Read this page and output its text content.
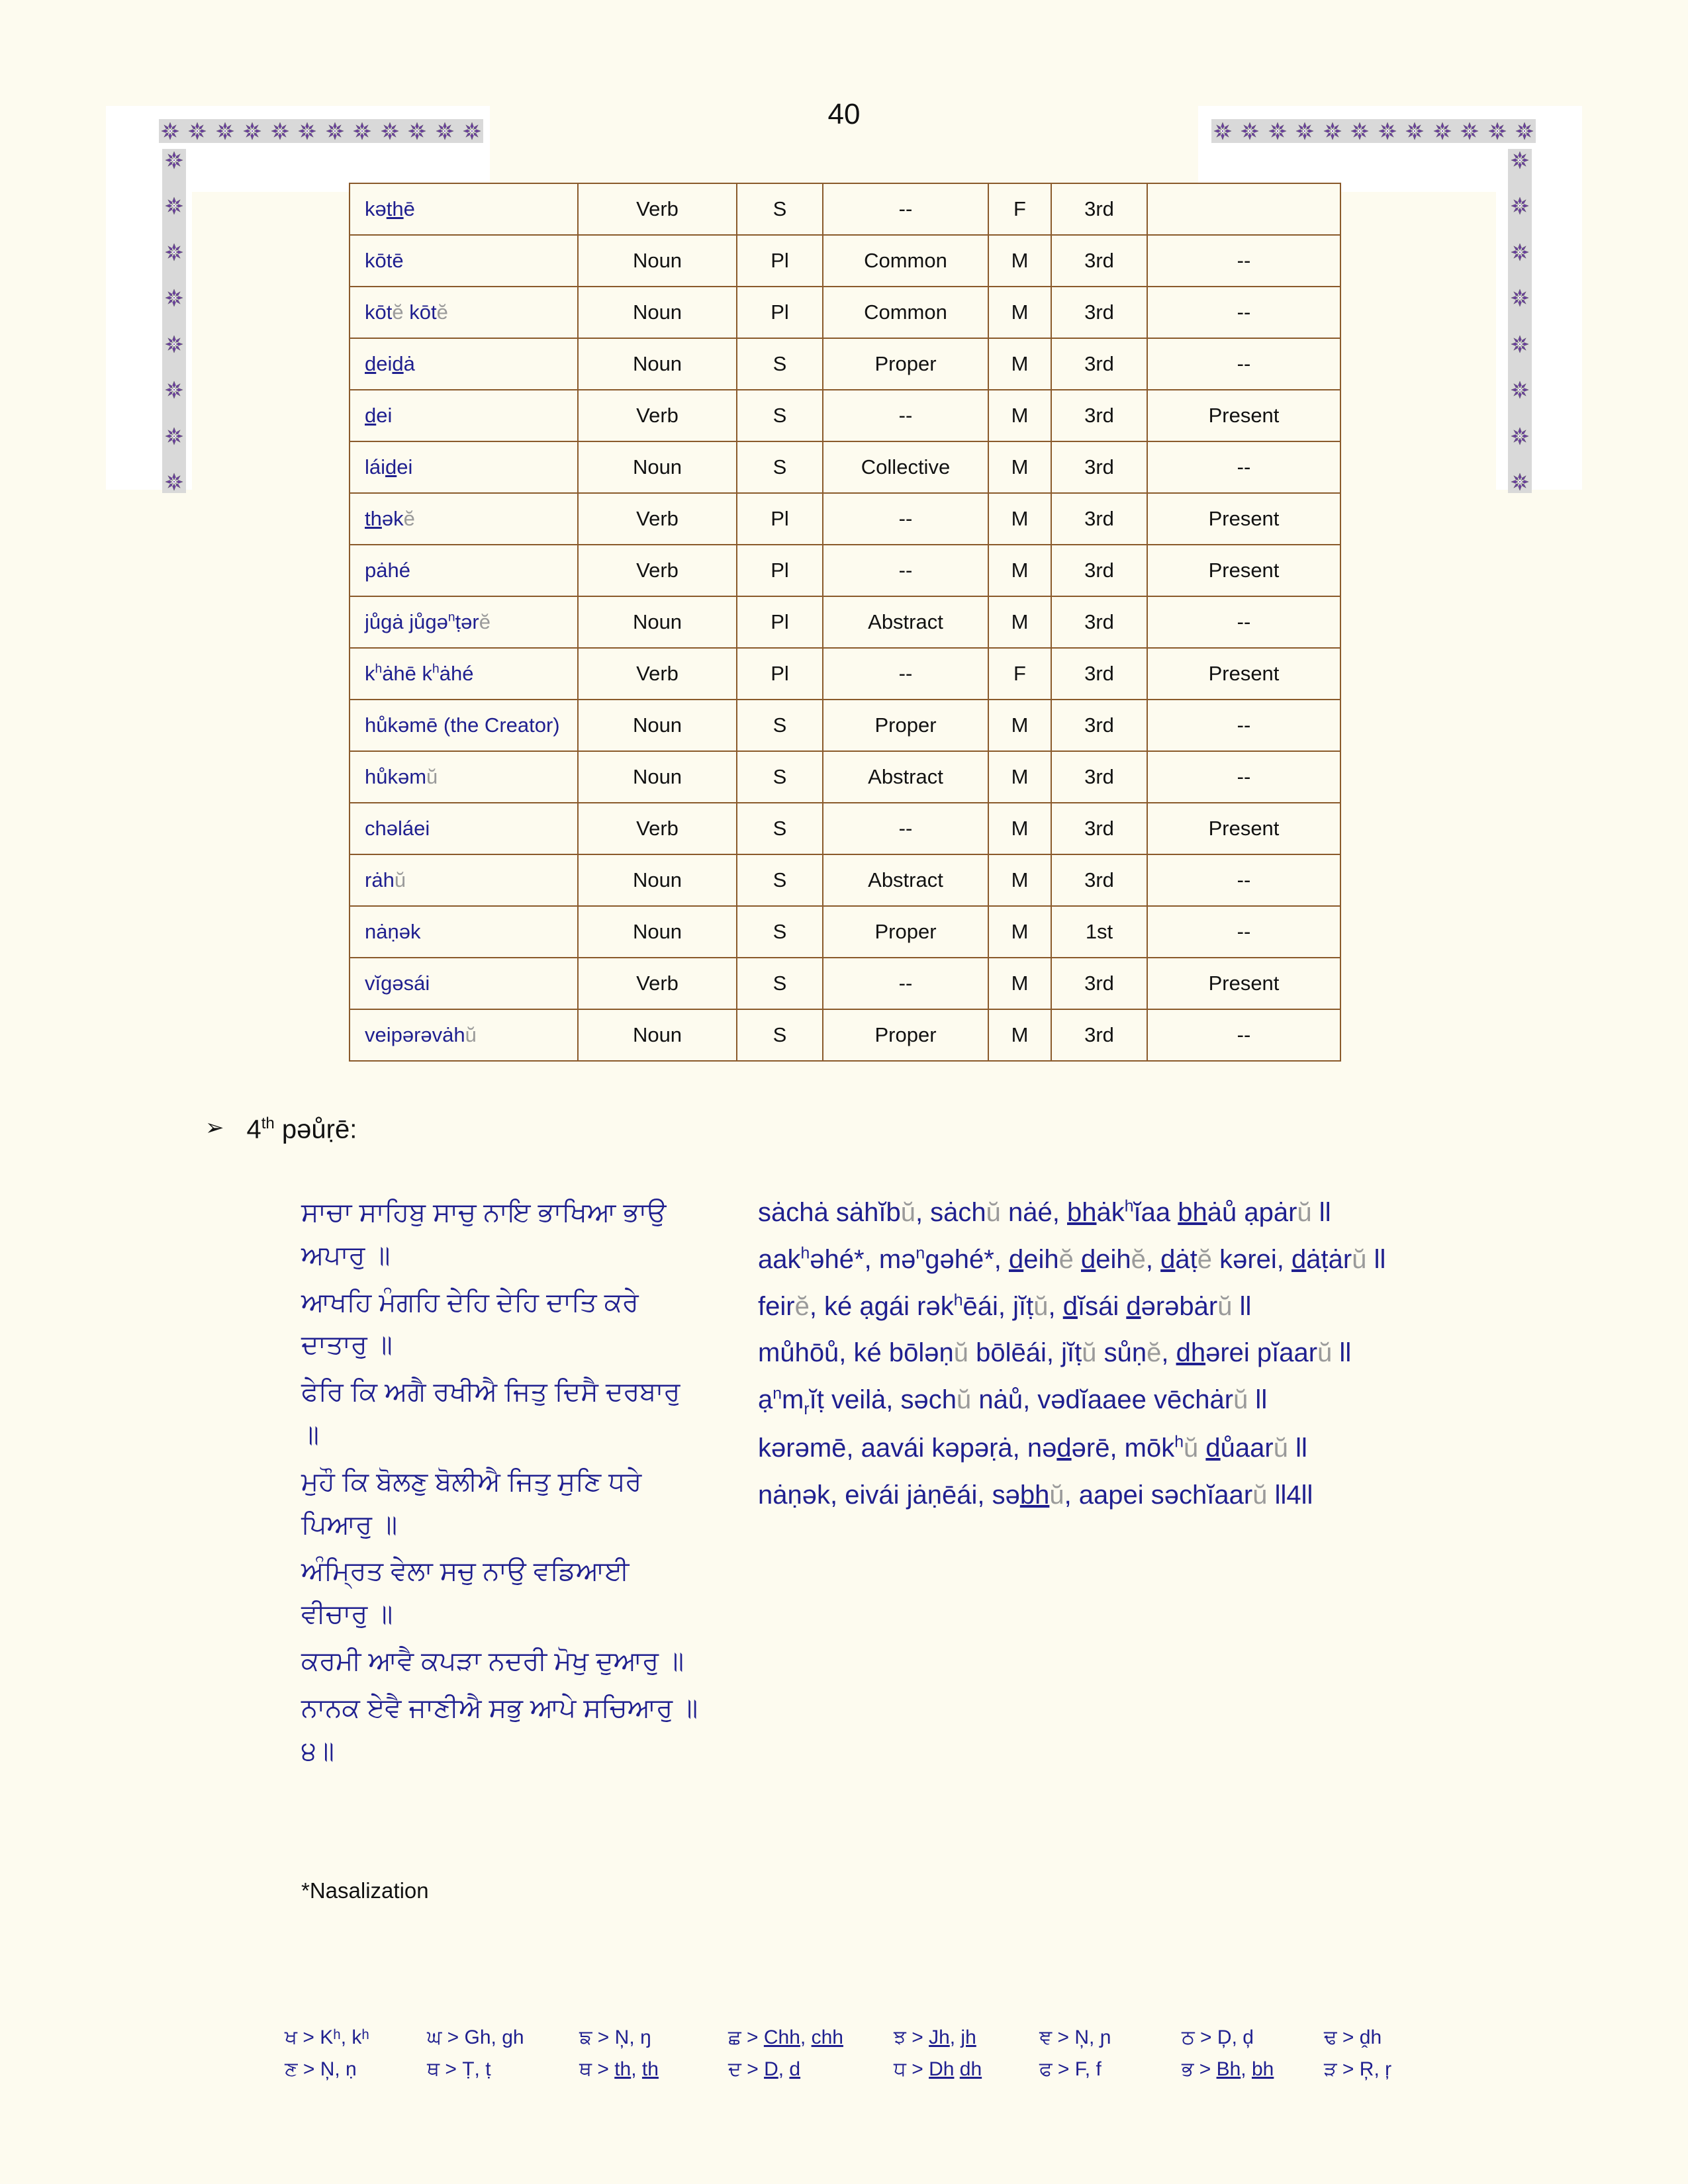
40
kəthē	Verb	S	--	F	3rd	
kōtē	Noun	Pl	Common	M	3rd	--
kōtĕ kōtĕ	Noun	Pl	Common	M	3rd	--
deidȧ	Noun	S	Proper	M	3rd	--
dei	Verb	S	--	M	3rd	Present
láidei	Noun	S	Collective	M	3rd	--
thəkĕ	Verb	Pl	--	M	3rd	Present
pȧhé	Verb	Pl	--	M	3rd	Present
jůgȧ jůgə$^n$ṭərĕ	Noun	Pl	Abstract	M	3rd	--
$k^hȧhē$ $k^hȧhé$	Verb	Pl	--	F	3rd	Present
hůkəmē (the Creator)	Noun	S	Proper	M	3rd	--
hůkəmŭ	Noun	S	Abstract	M	3rd	--
chəláei	Verb	S	--	M	3rd	Present
rȧhŭ	Noun	S	Abstract	M	3rd	--
nȧṇək	Noun	S	Proper	M	1st	--
vĭgəsái	Verb	S	--	M	3rd	Present
veipərəvȧhŭ	Noun	S	Proper	M	3rd	--
➢ 4th pəůṛē:
ਸਾਚਾ ਸਾਹਿਬੁ ਸਾਚੁ ਨਾਇ ਭਾਖਿਆ ਭਾਉ ਅਪਾਰੁ ॥
ਆਖਹਿ ਮੰਗਹਿ ਦੇਹਿ ਦੇਹਿ ਦਾਤਿ ਕਰੇ ਦਾਤਾਰੁ ॥
ਫੇਰਿ ਕਿ ਅਗੈ ਰਖੀਐ ਜਿਤੁ ਦਿਸੈ ਦਰਬਾਰੁ ॥
ਮੁਹੌ ਕਿ ਬੋਲਣੁ ਬੋਲੀਐ ਜਿਤੁ ਸੁਣਿ ਧਰੇ ਪਿਆਰੁ ॥
ਅੰਮ੍ਰਿਤ ਵੇਲਾ ਸਚੁ ਨਾਉ ਵਡਿਆਈ ਵੀਚਾਰੁ ॥
ਕਰਮੀ ਆਵੈ ਕਪੜਾ ਨਦਰੀ ਮੋਖੁ ਦੁਆਰੁ ॥
ਨਾਨਕ ਏਵੈ ਜਾਣੀਐ ਸਭੁ ਆਪੇ ਸਚਿਆਰੁ ॥੪॥
sȧchȧ sȧhĭbŭ, sȧchŭ nȧé, bhȧk$^h$ĭaa bhȧů ạpȧrŭ ll
aak$^h$əhé*, mə$^n$gəhé*, deihĕ deihĕ, dȧṭĕ kərei, dȧṭȧrŭ ll
feirĕ, ké ạgái rək$^h$ēái, jĭṭŭ, dĭsái dərəbȧrŭ ll
můhōů, ké bōləṇŭ bōlēái, jĭṭŭ sůṇĕ, dhərei pĭaarŭ ll
$ạ^nm_rĭṭ$ veilȧ, səchŭ nȧů, vədĭaaee vēchȧrŭ ll
kərəmē, aavái kəpəṛȧ, nədərē, mōk$^h$ŭ důaarŭ ll
nȧṇək, eivái jȧṇēái, səbhŭ, aapei səchĭaarŭ ll4ll
*Nasalization
ਖ > Kʰ, kʰ	ਘ > Gh, gh	ਙ > N̦, ŋ	ਛ > Chh, chh	ਝ > Jh, jh	ਞ > N̦, ɲ	ਠ > Ḑ, ḑ	ਢ > ḓh
ਣ > N̦, ṇ	ਥ > Ṭ, ṭ	ਥ > th, th	ਦ > D, d	ਧ > Dh dh	ਫ > F, f	ਭ > Bh, bh	ੜ > R̦, ŗ
